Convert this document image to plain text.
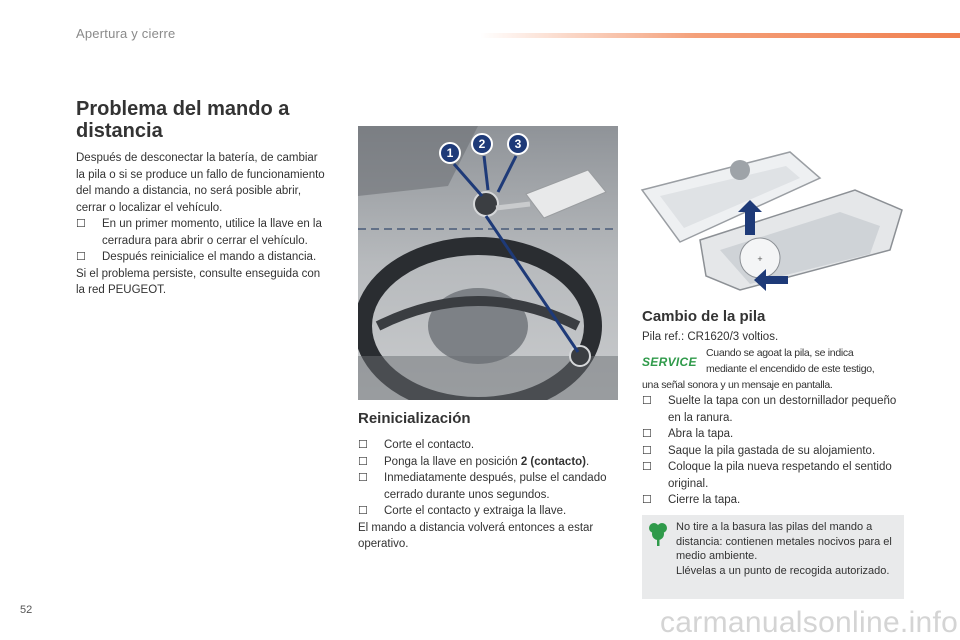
Apertura y cierre
Problema del mando a distancia
Después de desconectar la batería, de cambiar la pila o si se produce un fallo de funcionamiento del mando a distancia, no será posible abrir, cerrar o localizar el vehículo.
☐ En un primer momento, utilice la llave en la cerradura para abrir o cerrar el vehículo.
☐ Después reinicialice el mando a distancia.
Si el problema persiste, consulte enseguida con la red PEUGEOT.
1
2 3
Reinicialización
☐ Corte el contacto.
☐ Ponga la llave en posición 2 (contacto).
☐ Inmediatamente después, pulse el candado cerrado durante unos segundos.
☐ Corte el contacto y extraiga la llave.
El mando a distancia volverá entonces a estar operativo.
+
Cambio de la pila
Pila ref.: CR1620/3 voltios.
SERVICE
Cuando se agoat la pila, se indica
mediante el encendido de este testigo,
una señal sonora y un mensaje en pantalla.
☐ Suelte la tapa con un destornillador pequeño en la ranura.
☐ Abra la tapa.
☐ Saque la pila gastada de su alojamiento.
☐ Coloque la pila nueva respetando el sentido original.
☐ Cierre la tapa.
No tire a la basura las pilas del mando a distancia: contienen metales nocivos para el medio ambiente.
Llévelas a un punto de recogida autorizado.
52	carmanualsonline.info
